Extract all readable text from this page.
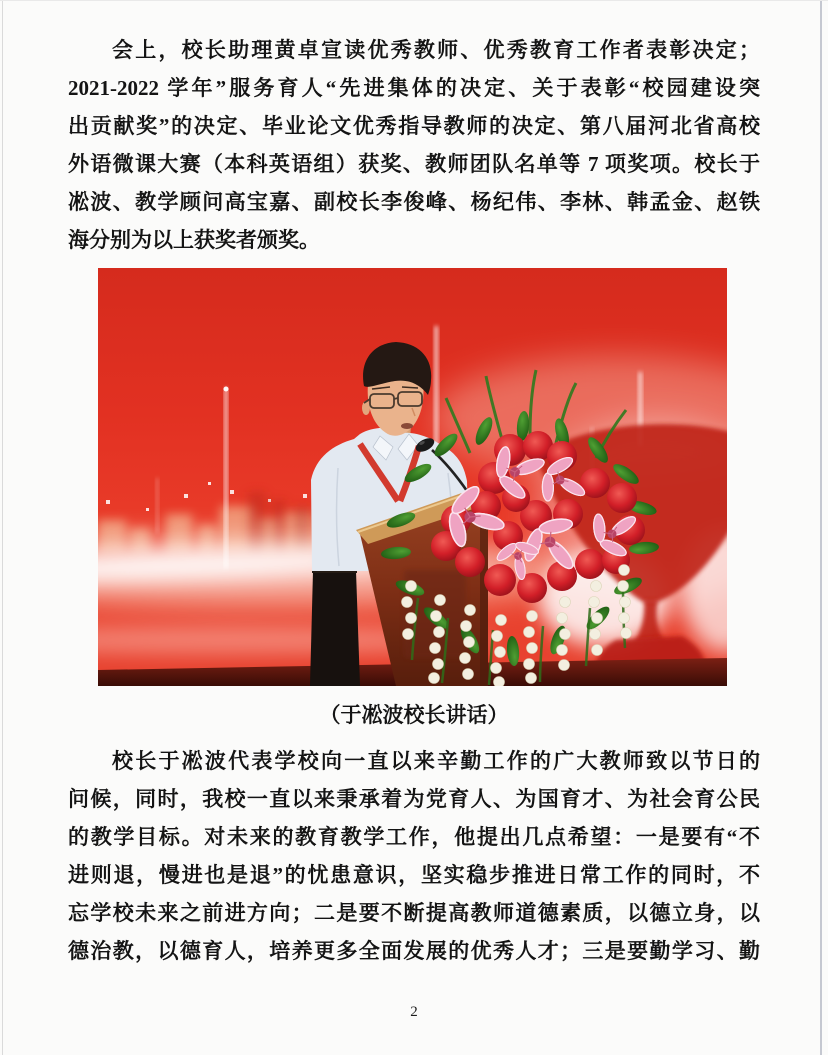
会上，校长助理黄卓宣读优秀教师、优秀教育工作者表彰决定；
2021-2022 学年”服务育人“先进集体的决定、关于表彰“校园建设突
出贡献奖”的决定、毕业论文优秀指导教师的决定、第八届河北省高校
外语微课大赛（本科英语组）获奖、教师团队名单等 7 项奖项。校长于
凇波、教学顾问高宝嘉、副校长李俊峰、杨纪伟、李林、韩孟金、赵铁
海分别为以上获奖者颁奖。
（于凇波校长讲话）
校长于凇波代表学校向一直以来辛勤工作的广大教师致以节日的
问候，同时，我校一直以来秉承着为党育人、为国育才、为社会育公民
的教学目标。对未来的教育教学工作，他提出几点希望：一是要有“不
进则退，慢进也是退”的忧患意识，坚实稳步推进日常工作的同时，不
忘学校未来之前进方向；二是要不断提高教师道德素质，以德立身，以
德治教，以德育人，培养更多全面发展的优秀人才；三是要勤学习、勤
2
